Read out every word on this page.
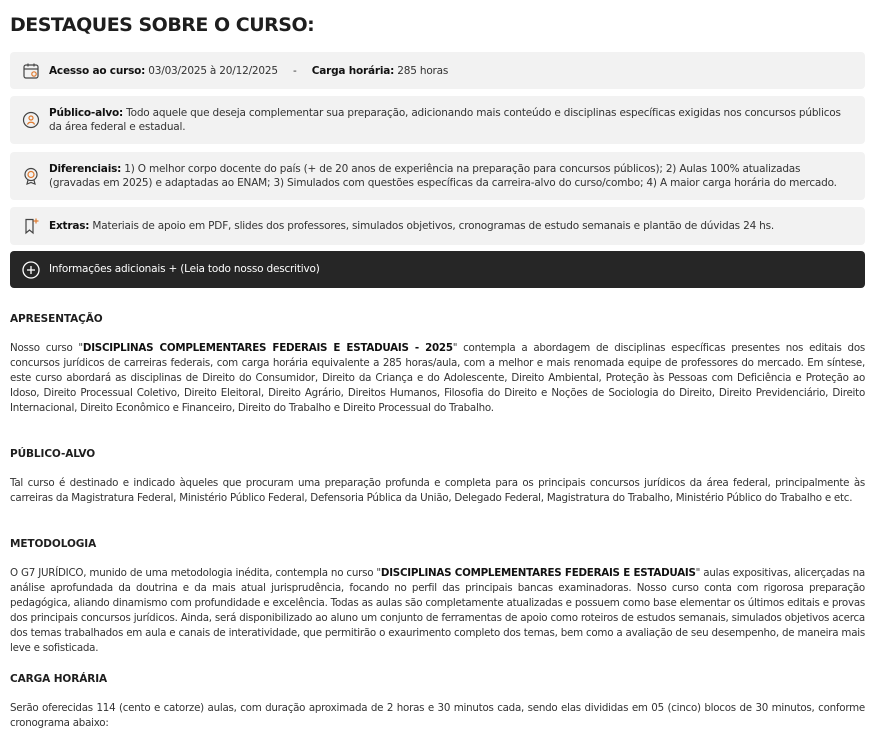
DESTAQUES SOBRE O CURSO:
Acesso ao curso: 03/03/2025 à 20/12/2025 - Carga horária: 285 horas
Público-alvo: Todo aquele que deseja complementar sua preparação, adicionando mais conteúdo e disciplinas específicas exigidas nos concursos públicos da área federal e estadual.
Diferenciais: 1) O melhor corpo docente do país (+ de 20 anos de experiência na preparação para concursos públicos); 2) Aulas 100% atualizadas (gravadas em 2025) e adaptadas ao ENAM; 3) Simulados com questões específicas da carreira-alvo do curso/combo; 4) A maior carga horária do mercado.
Extras: Materiais de apoio em PDF, slides dos professores, simulados objetivos, cronogramas de estudo semanais e plantão de dúvidas 24 hs.
Informações adicionais + (Leia todo nosso descritivo)
APRESENTAÇÃO

Nosso curso "DISCIPLINAS COMPLEMENTARES FEDERAIS E ESTADUAIS - 2025" contempla a abordagem de disciplinas específicas presentes nos editais dos concursos jurídicos de carreiras federais, com carga horária equivalente a 285 horas/aula, com a melhor e mais renomada equipe de professores do mercado. Em síntese, este curso abordará as disciplinas de Direito do Consumidor, Direito da Criança e do Adolescente, Direito Ambiental, Proteção às Pessoas com Deficiência e Proteção ao Idoso, Direito Processual Coletivo, Direito Eleitoral, Direito Agrário, Direitos Humanos, Filosofia do Direito e Noções de Sociologia do Direito, Direito Previdenciário, Direito Internacional, Direito Econômico e Financeiro, Direito do Trabalho e Direito Processual do Trabalho.

PÚBLICO-ALVO

Tal curso é destinado e indicado àqueles que procuram uma preparação profunda e completa para os principais concursos jurídicos da área federal, principalmente às carreiras da Magistratura Federal, Ministério Público Federal, Defensoria Pública da União, Delegado Federal, Magistratura do Trabalho, Ministério Público do Trabalho e etc.

METODOLOGIA

O G7 JURÍDICO, munido de uma metodologia inédita, contempla no curso "DISCIPLINAS COMPLEMENTARES FEDERAIS E ESTADUAIS" aulas expositivas, alicerçadas na análise aprofundada da doutrina e da mais atual jurisprudência, focando no perfil das principais bancas examinadoras. Nosso curso conta com rigorosa preparação pedagógica, aliando dinamismo com profundidade e excelência. Todas as aulas são completamente atualizadas e possuem como base elementar os últimos editais e provas dos principais concursos jurídicos. Ainda, será disponibilizado ao aluno um conjunto de ferramentas de apoio como roteiros de estudos semanais, simulados objetivos acerca dos temas trabalhados em aula e canais de interatividade, que permitirão o exaurimento completo dos temas, bem como a avaliação de seu desempenho, de maneira mais leve e sofisticada.

CARGA HORÁRIA

Serão oferecidas 114 (cento e catorze) aulas, com duração aproximada de 2 horas e 30 minutos cada, sendo elas divididas em 05 (cinco) blocos de 30 minutos, conforme cronograma abaixo:
